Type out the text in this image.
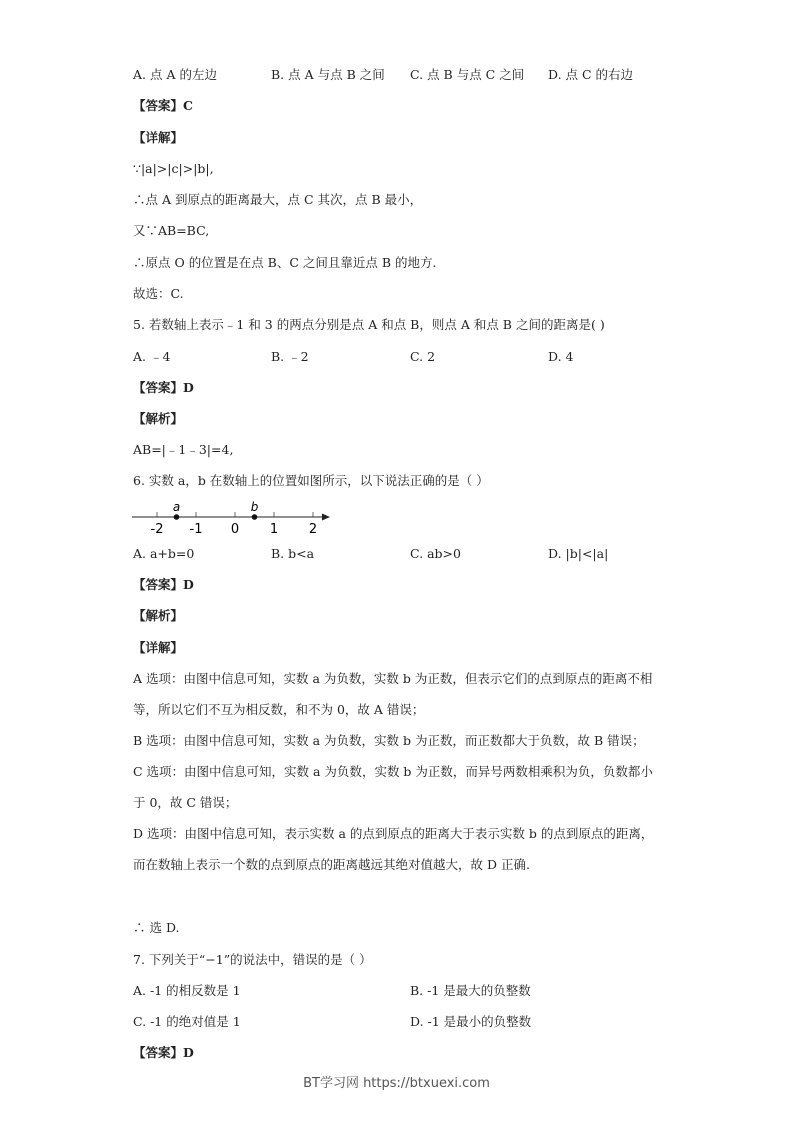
A. 点 A 的左边	B. 点 A 与点 B 之间 C. 点 B 与点 C 之间 D. 点 C 的右边
【答案】C
【详解】
∵|a|>|c|>|b|,
∴点 A 到原点的距离最大，点 C 其次，点 B 最小，
又∵AB=BC,
∴原点 O 的位置是在点 B、C 之间且靠近点 B 的地方.
故选：C.
5. 若数轴上表示﹣1 和 3 的两点分别是点 A 和点 B，则点 A 和点 B 之间的距离是( )
A. ﹣4	B. ﹣2	C. 2	D. 4
【答案】D
【解析】
AB=|﹣1﹣3|=4,
6. 实数 a，b 在数轴上的位置如图所示，以下说法正确的是（ ）
-2 -1 0 1 2
a	b
A. a+b=0	B. b<a	C. ab>0	D. |b|<|a|
【答案】D
【解析】
【详解】
A 选项：由图中信息可知，实数 a 为负数，实数 b 为正数，但表示它们的点到原点的距离不相等，所以它们不互为相反数，和不为 0，故 A 错误；
B 选项：由图中信息可知，实数 a 为负数，实数 b 为正数，而正数都大于负数，故 B 错误；
C 选项：由图中信息可知，实数 a 为负数，实数 b 为正数，而异号两数相乘积为负，负数都小于 0，故 C 错误；
D 选项：由图中信息可知，表示实数 a 的点到原点的距离大于表示实数 b 的点到原点的距离，而在数轴上表示一个数的点到原点的距离越远其绝对值越大，故 D 正确.
∴ 选 D.
7. 下列关于“−1”的说法中，错误的是（ ）
A. -1 的相反数是 1	B. -1 是最大的负整数
C. -1 的绝对值是 1	D. -1 是最小的负整数
【答案】D
BT学习网 https://btxuexi.com
